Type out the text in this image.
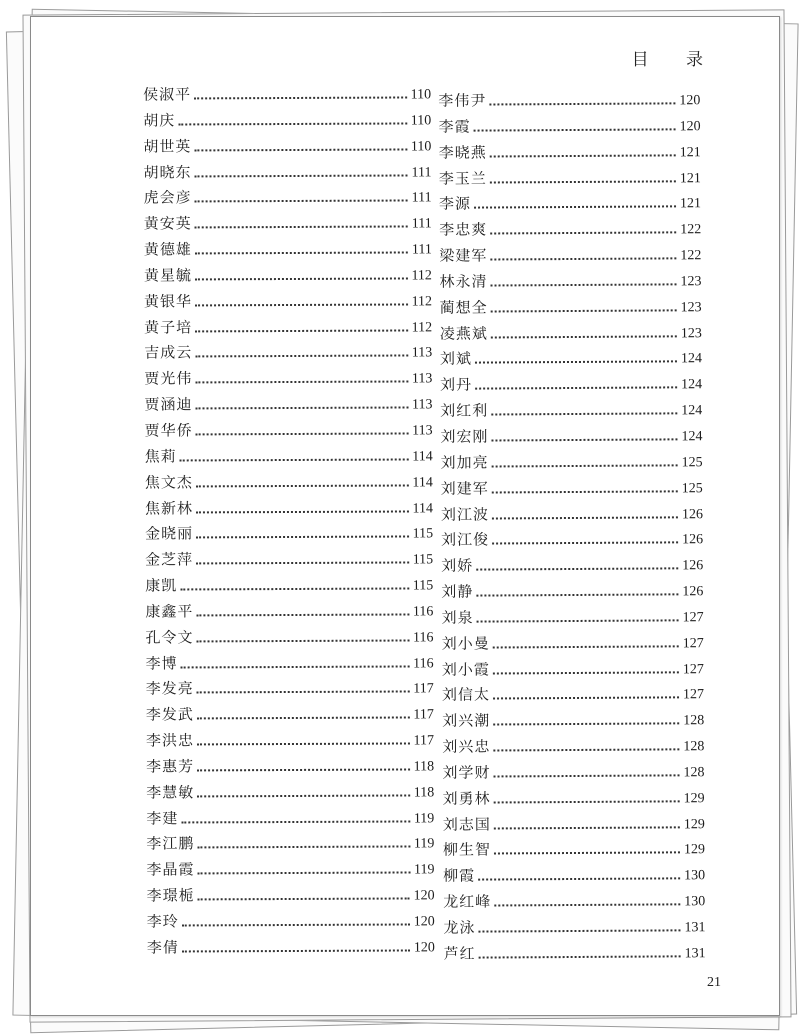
目 录
侯淑平	110
胡庆	110
胡世英	110
胡晓东	111
虎会彦	111
黄安英	111
黄德雄	111
黄星毓	112
黄银华	112
黄子培	112
吉成云	113
贾光伟	113
贾涵迪	113
贾华侨	113
焦莉	114
焦文杰	114
焦新林	114
金晓丽	115
金芝萍	115
康凯	115
康鑫平	116
孔令文	116
李博	116
李发亮	117
李发武	117
李洪忠	117
李惠芳	118
李慧敏	118
李建	119
李江鹏	119
李晶霞	119
李璟栀	120
李玲	120
李倩	120
李伟尹	120
李霞	120
李晓燕	121
李玉兰	121
李源	121
李忠爽	122
梁建军	122
林永清	123
蔺想全	123
凌燕斌	123
刘斌	124
刘丹	124
刘红利	124
刘宏刚	124
刘加亮	125
刘建军	125
刘江波	126
刘江俊	126
刘娇	126
刘静	126
刘泉	127
刘小曼	127
刘小霞	127
刘信太	127
刘兴潮	128
刘兴忠	128
刘学财	128
刘勇林	129
刘志国	129
柳生智	129
柳霞	130
龙红峰	130
龙泳	131
芦红	131
21
